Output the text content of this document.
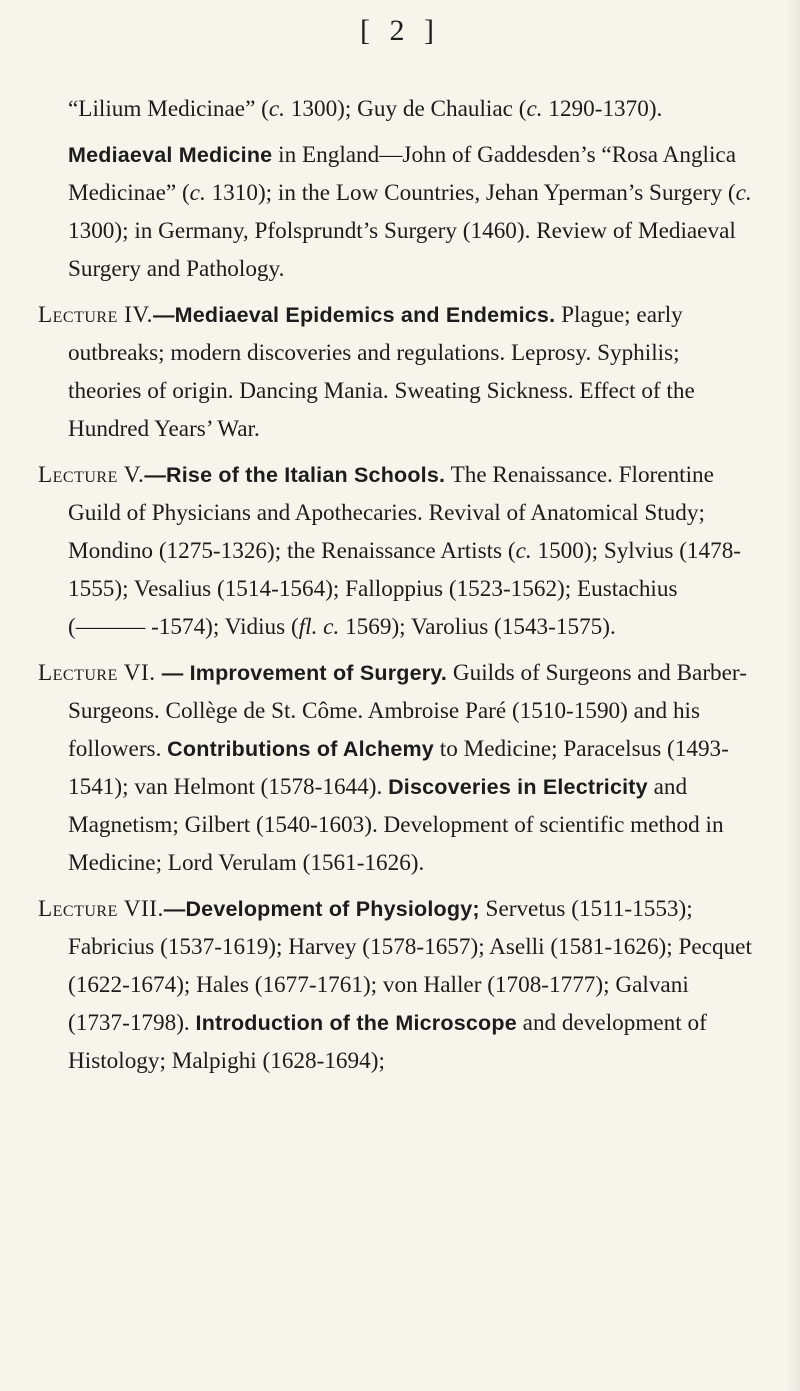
[ 2 ]

“Lilium Medicinae” (c. 1300); Guy de Chauliac (c. 1290-1370).

Mediaeval Medicine in England—John of Gaddesden’s “Rosa Anglica Medicinae” (c. 1310); in the Low Countries, Jehan Yperman’s Surgery (c. 1300); in Germany, Pfolsprundt’s Surgery (1460). Review of Mediaeval Surgery and Pathology.

Lecture IV.—Mediaeval Epidemics and Endemics. Plague; early outbreaks; modern discoveries and regulations. Leprosy. Syphilis; theories of origin. Dancing Mania. Sweating Sickness. Effect of the Hundred Years’ War.

Lecture V.—Rise of the Italian Schools. The Renaissance. Florentine Guild of Physicians and Apothecaries. Revival of Anatomical Study; Mondino (1275-1326); the Renaissance Artists (c. 1500); Sylvius (1478-1555); Vesalius (1514-1564); Falloppius (1523-1562); Eustachius (——— -1574); Vidius (fl. c. 1569); Varolius (1543-1575).

Lecture VI. — Improvement of Surgery. Guilds of Surgeons and Barber-Surgeons. Collège de St. Côme. Ambroise Paré (1510-1590) and his followers. Contributions of Alchemy to Medicine; Paracelsus (1493-1541); van Helmont (1578-1644). Discoveries in Electricity and Magnetism; Gilbert (1540-1603). Development of scientific method in Medicine; Lord Verulam (1561-1626).

Lecture VII.—Development of Physiology; Servetus (1511-1553); Fabricius (1537-1619); Harvey (1578-1657); Aselli (1581-1626); Pecquet (1622-1674); Hales (1677-1761); von Haller (1708-1777); Galvani (1737-1798). Introduction of the Microscope and development of Histology; Malpighi (1628-1694);
